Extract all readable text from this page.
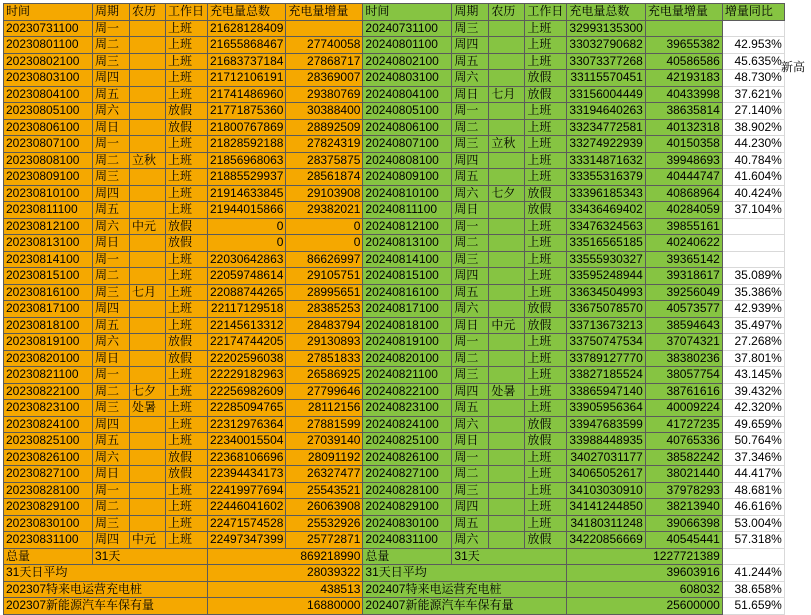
时间	周期	农历	工作日	充电量总数	充电量增量	时间	周期	农历	工作日	充电量总数	充电量增量	增量同比
20230731100	周一		上班	21628128409		20240731100	周三		上班	32993135300		
20230801100	周二		上班	21655868467	27740058	20240801100	周四		上班	33032790682	39655382	42.953%
20230802100	周三		上班	21683737184	27868717	20240802100	周五		上班	33073377268	40586586	45.635%
20230803100	周四		上班	21712106191	28369007	20240803100	周六		放假	33115570451	42193183	48.730%
20230804100	周五		上班	21741486960	29380769	20240804100	周日	七月	放假	33156004449	40433998	37.621%
20230805100	周六		放假	21771875360	30388400	20240805100	周一		上班	33194640263	38635814	27.140%
20230806100	周日		放假	21800767869	28892509	20240806100	周二		上班	33234772581	40132318	38.902%
20230807100	周一		上班	21828592188	27824319	20240807100	周三	立秋	上班	33274922939	40150358	44.230%
20230808100	周二	立秋	上班	21856968063	28375875	20240808100	周四		上班	33314871632	39948693	40.784%
20230809100	周三		上班	21885529937	28561874	20240809100	周五		上班	33355316379	40444747	41.604%
20230810100	周四		上班	21914633845	29103908	20240810100	周六	七夕	放假	33396185343	40868964	40.424%
20230811100	周五		上班	21944015866	29382021	20240811100	周日		放假	33436469402	40284059	37.104%
20230812100	周六	中元	放假	0	0	20240812100	周一		上班	33476324563	39855161	
20230813100	周日		放假	0	0	20240813100	周二		上班	33516565185	40240622	
20230814100	周一		上班	22030642863	86626997	20240814100	周三		上班	33555930327	39365142	
20230815100	周二		上班	22059748614	29105751	20240815100	周四		上班	33595248944	39318617	35.089%
20230816100	周三	七月	上班	22088744265	28995651	20240816100	周五		上班	33634504993	39256049	35.386%
20230817100	周四		上班	22117129518	28385253	20240817100	周六		放假	33675078570	40573577	42.939%
20230818100	周五		上班	22145613312	28483794	20240818100	周日	中元	放假	33713673213	38594643	35.497%
20230819100	周六		放假	22174744205	29130893	20240819100	周一		上班	33750747534	37074321	27.268%
20230820100	周日		放假	22202596038	27851833	20240820100	周二		上班	33789127770	38380236	37.801%
20230821100	周一		上班	22229182963	26586925	20240821100	周三		上班	33827185524	38057754	43.145%
20230822100	周二	七夕	上班	22256982609	27799646	20240822100	周四	处暑	上班	33865947140	38761616	39.432%
20230823100	周三	处暑	上班	22285094765	28112156	20240823100	周五		上班	33905956364	40009224	42.320%
20230824100	周四		上班	22312976364	27881599	20240824100	周六		放假	33947683599	41727235	49.659%
20230825100	周五		上班	22340015504	27039140	20240825100	周日		放假	33988448935	40765336	50.764%
20230826100	周六		放假	22368106696	28091192	20240826100	周一		上班	34027031177	38582242	37.346%
20230827100	周日		放假	22394434173	26327477	20240827100	周二		上班	34065052617	38021440	44.417%
20230828100	周一		上班	22419977694	25543521	20240828100	周三		上班	34103030910	37978293	48.681%
20230829100	周二		上班	22446041602	26063908	20240829100	周四		上班	34141244850	38213940	46.616%
20230830100	周三		上班	22471574528	25532926	20240830100	周五		上班	34180311248	39066398	53.004%
20230831100	周四	中元	上班	22497347399	25772871	20240831100	周六		放假	34220856669	40545441	57.318%
总量	31天			869218990		总量	31天			1227721389		
31天日平均				28039322		31天日平均				39603916		41.244%
202307特来电运营充电桩				438513		202407特来电运营充电桩				608032		38.658%
202307新能源汽车车保有量				16880000		202407新能源汽车车保有量				25600000		51.659%
新高
